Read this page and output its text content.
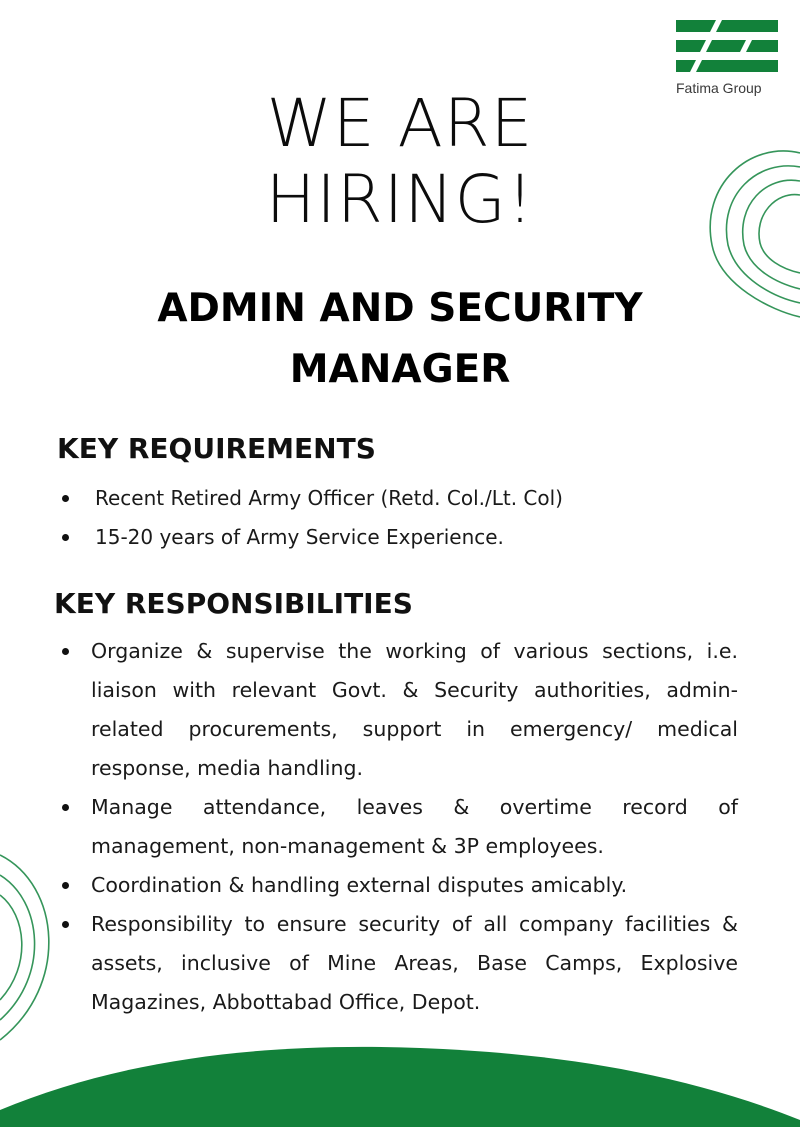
Fatima Group
WE ARE
HIRING!
ADMIN AND SECURITY
MANAGER
KEY REQUIREMENTS
Recent Retired Army Officer (Retd. Col./Lt. Col)
15-20 years of Army Service Experience.
KEY RESPONSIBILITIES
Organize & supervise the working of various sections, i.e. liaison with relevant Govt. & Security authorities, admin-related procurements, support in emergency/ medical response, media handling.
Manage attendance, leaves & overtime record of management, non-management & 3P employees.
Coordination & handling external disputes amicably.
Responsibility to ensure security of all company facilities & assets, inclusive of Mine Areas, Base Camps, Explosive Magazines, Abbottabad Office, Depot.
